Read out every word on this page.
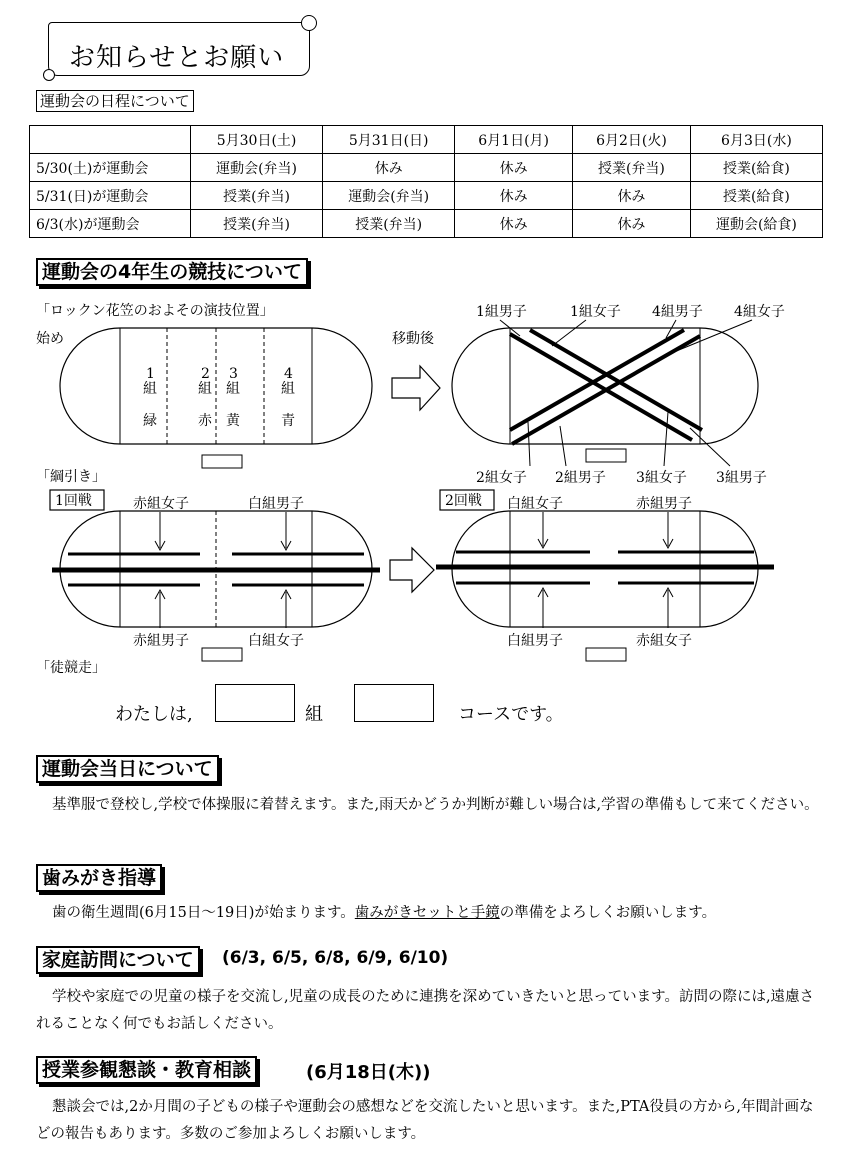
お知らせとお願い
運動会の日程について
	5月30日(土)	5月31日(日)	6月1日(月)	6月2日(火)	6月3日(水)
5/30(土)が運動会	運動会(弁当)	休み	休み	授業(弁当)	授業(給食)
5/31(日)が運動会	授業(弁当)	運動会(弁当)	休み	休み	授業(給食)
6/3(水)が運動会	授業(弁当)	授業(弁当)	休み	休み	運動会(給食)
運動会の4年生の競技について
「ロックン花笠のおよその演技位置」
始め	移動後
1
組
緑
2
組
赤
3
組
黄
4
組
青
1組男子	1組女子 4組男子 4組女子
2組女子 2組男子 3組女子 3組男子
「綱引き」
1回戦	2回戦
赤組女子	白組男子
赤組男子	白組女子
白組女子	赤組男子
白組男子	赤組女子
「徒競走」
わたしは,	組	コースです。
運動会当日について
基準服で登校し,学校で体操服に着替えます。また,雨天かどうか判断が難しい場合は,学習の準備もして来てください。
歯みがき指導
歯の衛生週間(6月15日〜19日)が始まります。歯みがきセットと手鏡の準備をよろしくお願いします。
家庭訪問について	(6/3, 6/5, 6/8, 6/9, 6/10)
学校や家庭での児童の様子を交流し,児童の成長のために連携を深めていきたいと思っています。訪問の際には,遠慮されることなく何でもお話しください。
授業参観懇談・教育相談	(6月18日(木))
懇談会では,2か月間の子どもの様子や運動会の感想などを交流したいと思います。また,PTA役員の方から,年間計画などの報告もあります。多数のご参加よろしくお願いします。
